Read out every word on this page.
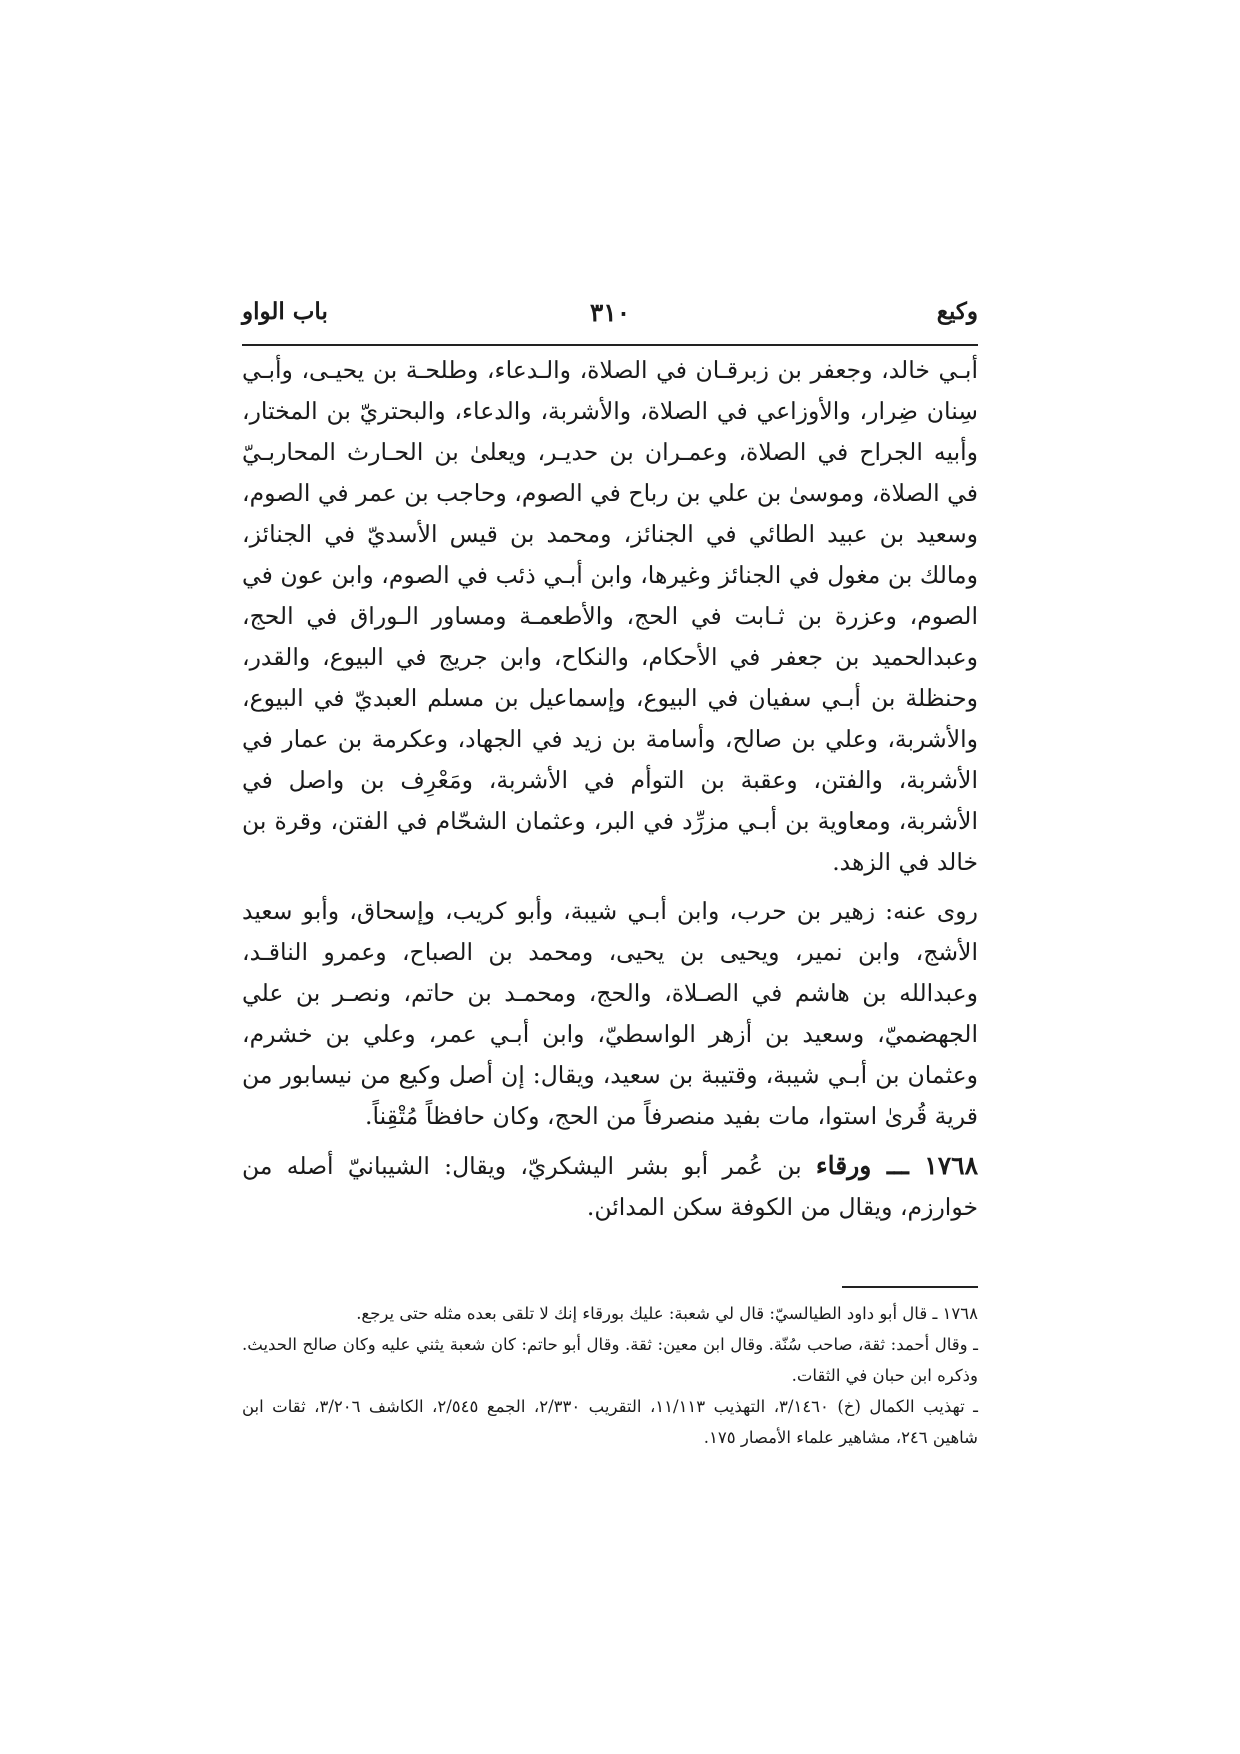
وكيع
٣١٠
باب الواو

أبـي خالد، وجعفر بن زبرقـان في الصلاة، والـدعاء، وطلحـة بن يحيـى، وأبـي سِنان ضِرار، والأوزاعي في الصلاة، والأشربة، والدعاء، والبحتريّ بن المختار، وأبيه الجراح في الصلاة، وعمـران بن حديـر، ويعلىٰ بن الحـارث المحاربـيّ في الصلاة، وموسىٰ بن علي بن رباح في الصوم، وحاجب بن عمر في الصوم، وسعيد بن عبيد الطائي في الجنائز، ومحمد بن قيس الأسديّ في الجنائز، ومالك بن مغول في الجنائز وغيرها، وابن أبـي ذئب في الصوم، وابن عون في الصوم، وعزرة بن ثـابت في الحج، والأطعمـة ومساور الـوراق في الحج، وعبدالحميد بن جعفر في الأحكام، والنكاح، وابن جريج في البيوع، والقدر، وحنظلة بن أبـي سفيان في البيوع، وإسماعيل بن مسلم العبديّ في البيوع، والأشربة، وعلي بن صالح، وأسامة بن زيد في الجهاد، وعكرمة بن عمار في الأشربة، والفتن، وعقبة بن التوأم في الأشربة، ومَعْرِف بن واصل في الأشربة، ومعاوية بن أبـي مزرِّد في البر، وعثمان الشحّام في الفتن، وقرة بن خالد في الزهد.

روى عنه: زهير بن حرب، وابن أبـي شيبة، وأبو كريب، وإسحاق، وأبو سعيد الأشج، وابن نمير، ويحيى بن يحيى، ومحمد بن الصباح، وعمرو الناقـد، وعبدالله بن هاشم في الصـلاة، والحج، ومحمـد بن حاتم، ونصـر بن علي الجهضميّ، وسعيد بن أزهر الواسطيّ، وابن أبـي عمر، وعلي بن خشرم، وعثمان بن أبـي شيبة، وقتيبة بن سعيد، ويقال: إن أصل وكيع من نيسابور من قرية قُرىٰ استوا، مات بفيد منصرفاً من الحج، وكان حافظاً مُتْقِناً.

١٧٦٨ ـــ ورقاء بن عُمر أبو بشر اليشكريّ، ويقال: الشيبانيّ أصله من خوارزم، ويقال من الكوفة سكن المدائن.

١٧٦٨ ـ قال أبو داود الطيالسيّ: قال لي شعبة: عليك بورقاء إنك لا تلقى بعده مثله حتى يرجع.

ـ وقال أحمد: ثقة، صاحب سُنّة. وقال ابن معين: ثقة. وقال أبو حاتم: كان شعبة يثني عليه وكان صالح الحديث. وذكره ابن حبان في الثقات.

ـ تهذيب الكمال (خ) ٣/١٤٦٠، التهذيب ١١/١١٣، التقريب ٢/٣٣٠، الجمع ٢/٥٤٥، الكاشف ٣/٢٠٦، ثقات ابن شاهين ٢٤٦، مشاهير علماء الأمصار ١٧٥.
